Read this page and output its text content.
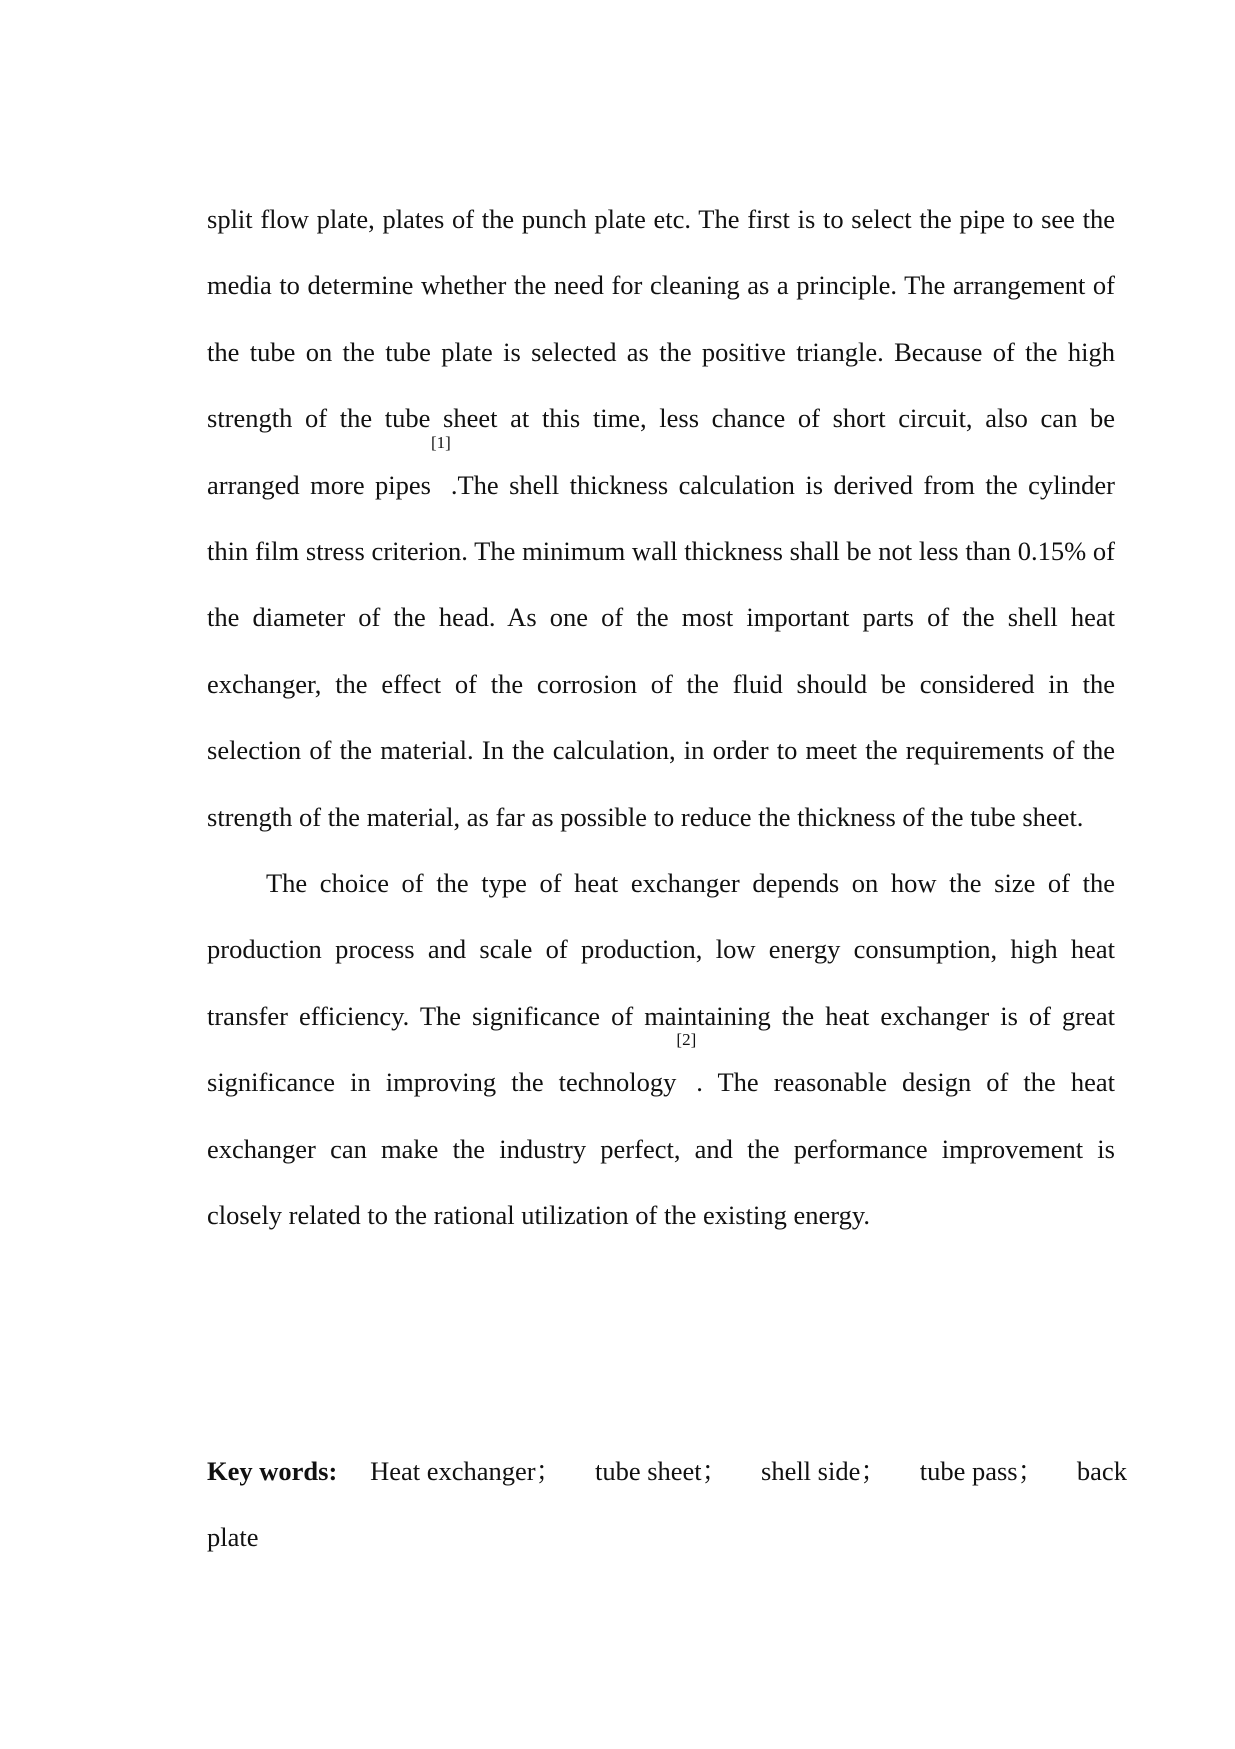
split flow plate, plates of the punch plate etc. The first is to select the pipe to see the media to determine whether the need for cleaning as a principle. The arrangement of the tube on the tube plate is selected as the positive triangle. Because of the high strength of the tube sheet at this time, less chance of short circuit, also can be arranged more pipes[1].The shell thickness calculation is derived from the cylinder thin film stress criterion. The minimum wall thickness shall be not less than 0.15% of the diameter of the head. As one of the most important parts of the shell heat exchanger, the effect of the corrosion of the fluid should be considered in the selection of the material. In the calculation, in order to meet the requirements of the strength of the material, as far as possible to reduce the thickness of the tube sheet.

The choice of the type of heat exchanger depends on how the size of the production process and scale of production, low energy consumption, high heat transfer efficiency. The significance of maintaining the heat exchanger is of great significance in improving the technology[2]. The reasonable design of the heat exchanger can make the industry perfect, and the performance improvement is closely related to the rational utilization of the existing energy.

Key words: Heat exchanger； tube sheet； shell side； tube pass； back
plate
